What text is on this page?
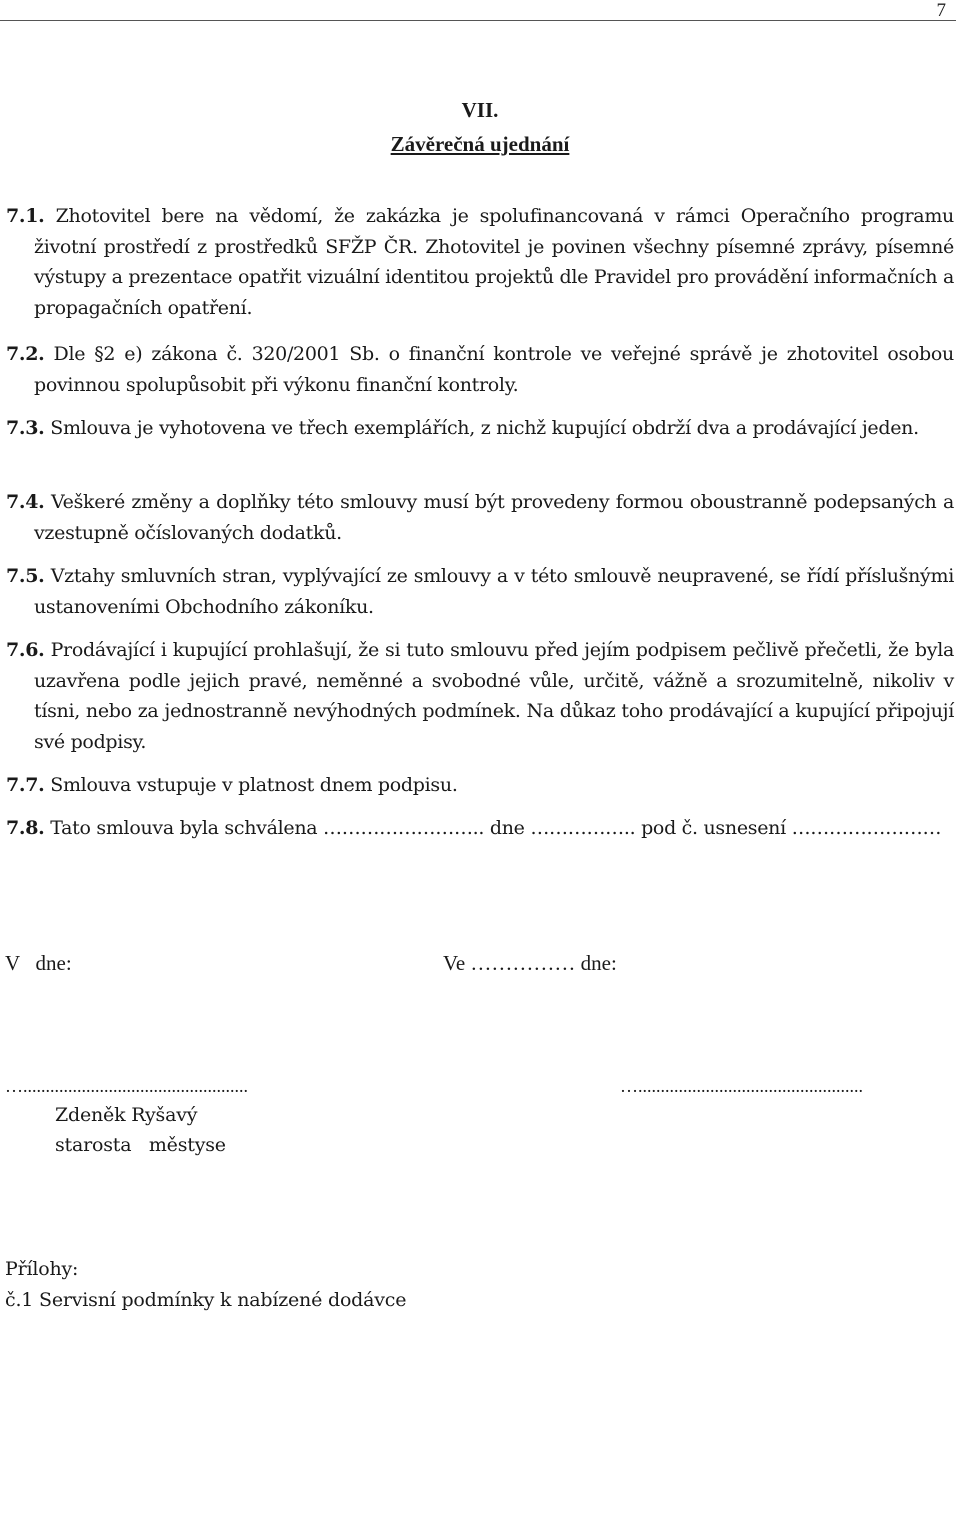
7
VII.
Závěrečná ujednání
7.1. Zhotovitel bere na vědomí, že zakázka je spolufinancovaná v rámci Operačního programu životní prostředí z prostředků SFŽP ČR. Zhotovitel je povinen všechny písemné zprávy, písemné výstupy a prezentace opatřit vizuální identitou projektů dle Pravidel pro provádění informačních a propagačních opatření.
7.2. Dle §2 e) zákona č. 320/2001 Sb. o finanční kontrole ve veřejné správě je zhotovitel osobou povinnou spolupůsobit při výkonu finanční kontroly.
7.3. Smlouva je vyhotovena ve třech exemplářích, z nichž kupující obdrží dva a prodávající jeden.
7.4. Veškeré změny a doplňky této smlouvy musí být provedeny formou oboustranně podepsaných a vzestupně očíslovaných dodatků.
7.5. Vztahy smluvních stran, vyplývající ze smlouvy a v této smlouvě neupravené, se řídí příslušnými ustanoveními Obchodního zákoníku.
7.6. Prodávající i kupující prohlašují, že si tuto smlouvu před jejím podpisem pečlivě přečetli, že byla uzavřena podle jejich pravé, neměnné a svobodné vůle, určitě, vážně a srozumitelně, nikoliv v tísni, nebo za jednostranně nevýhodných podmínek. Na důkaz toho prodávající a kupující připojují své podpisy.
7.7. Smlouva vstupuje v platnost dnem podpisu.
7.8. Tato smlouva byla schválena …………………….. dne …………….. pod č. usnesení ……………………
V   dne:	Ve …………… dne:
…..................................................	…..................................................
Zdeněk Ryšavý
starosta   městyse
Přílohy:
č.1 Servisní podmínky k nabízené dodávce
